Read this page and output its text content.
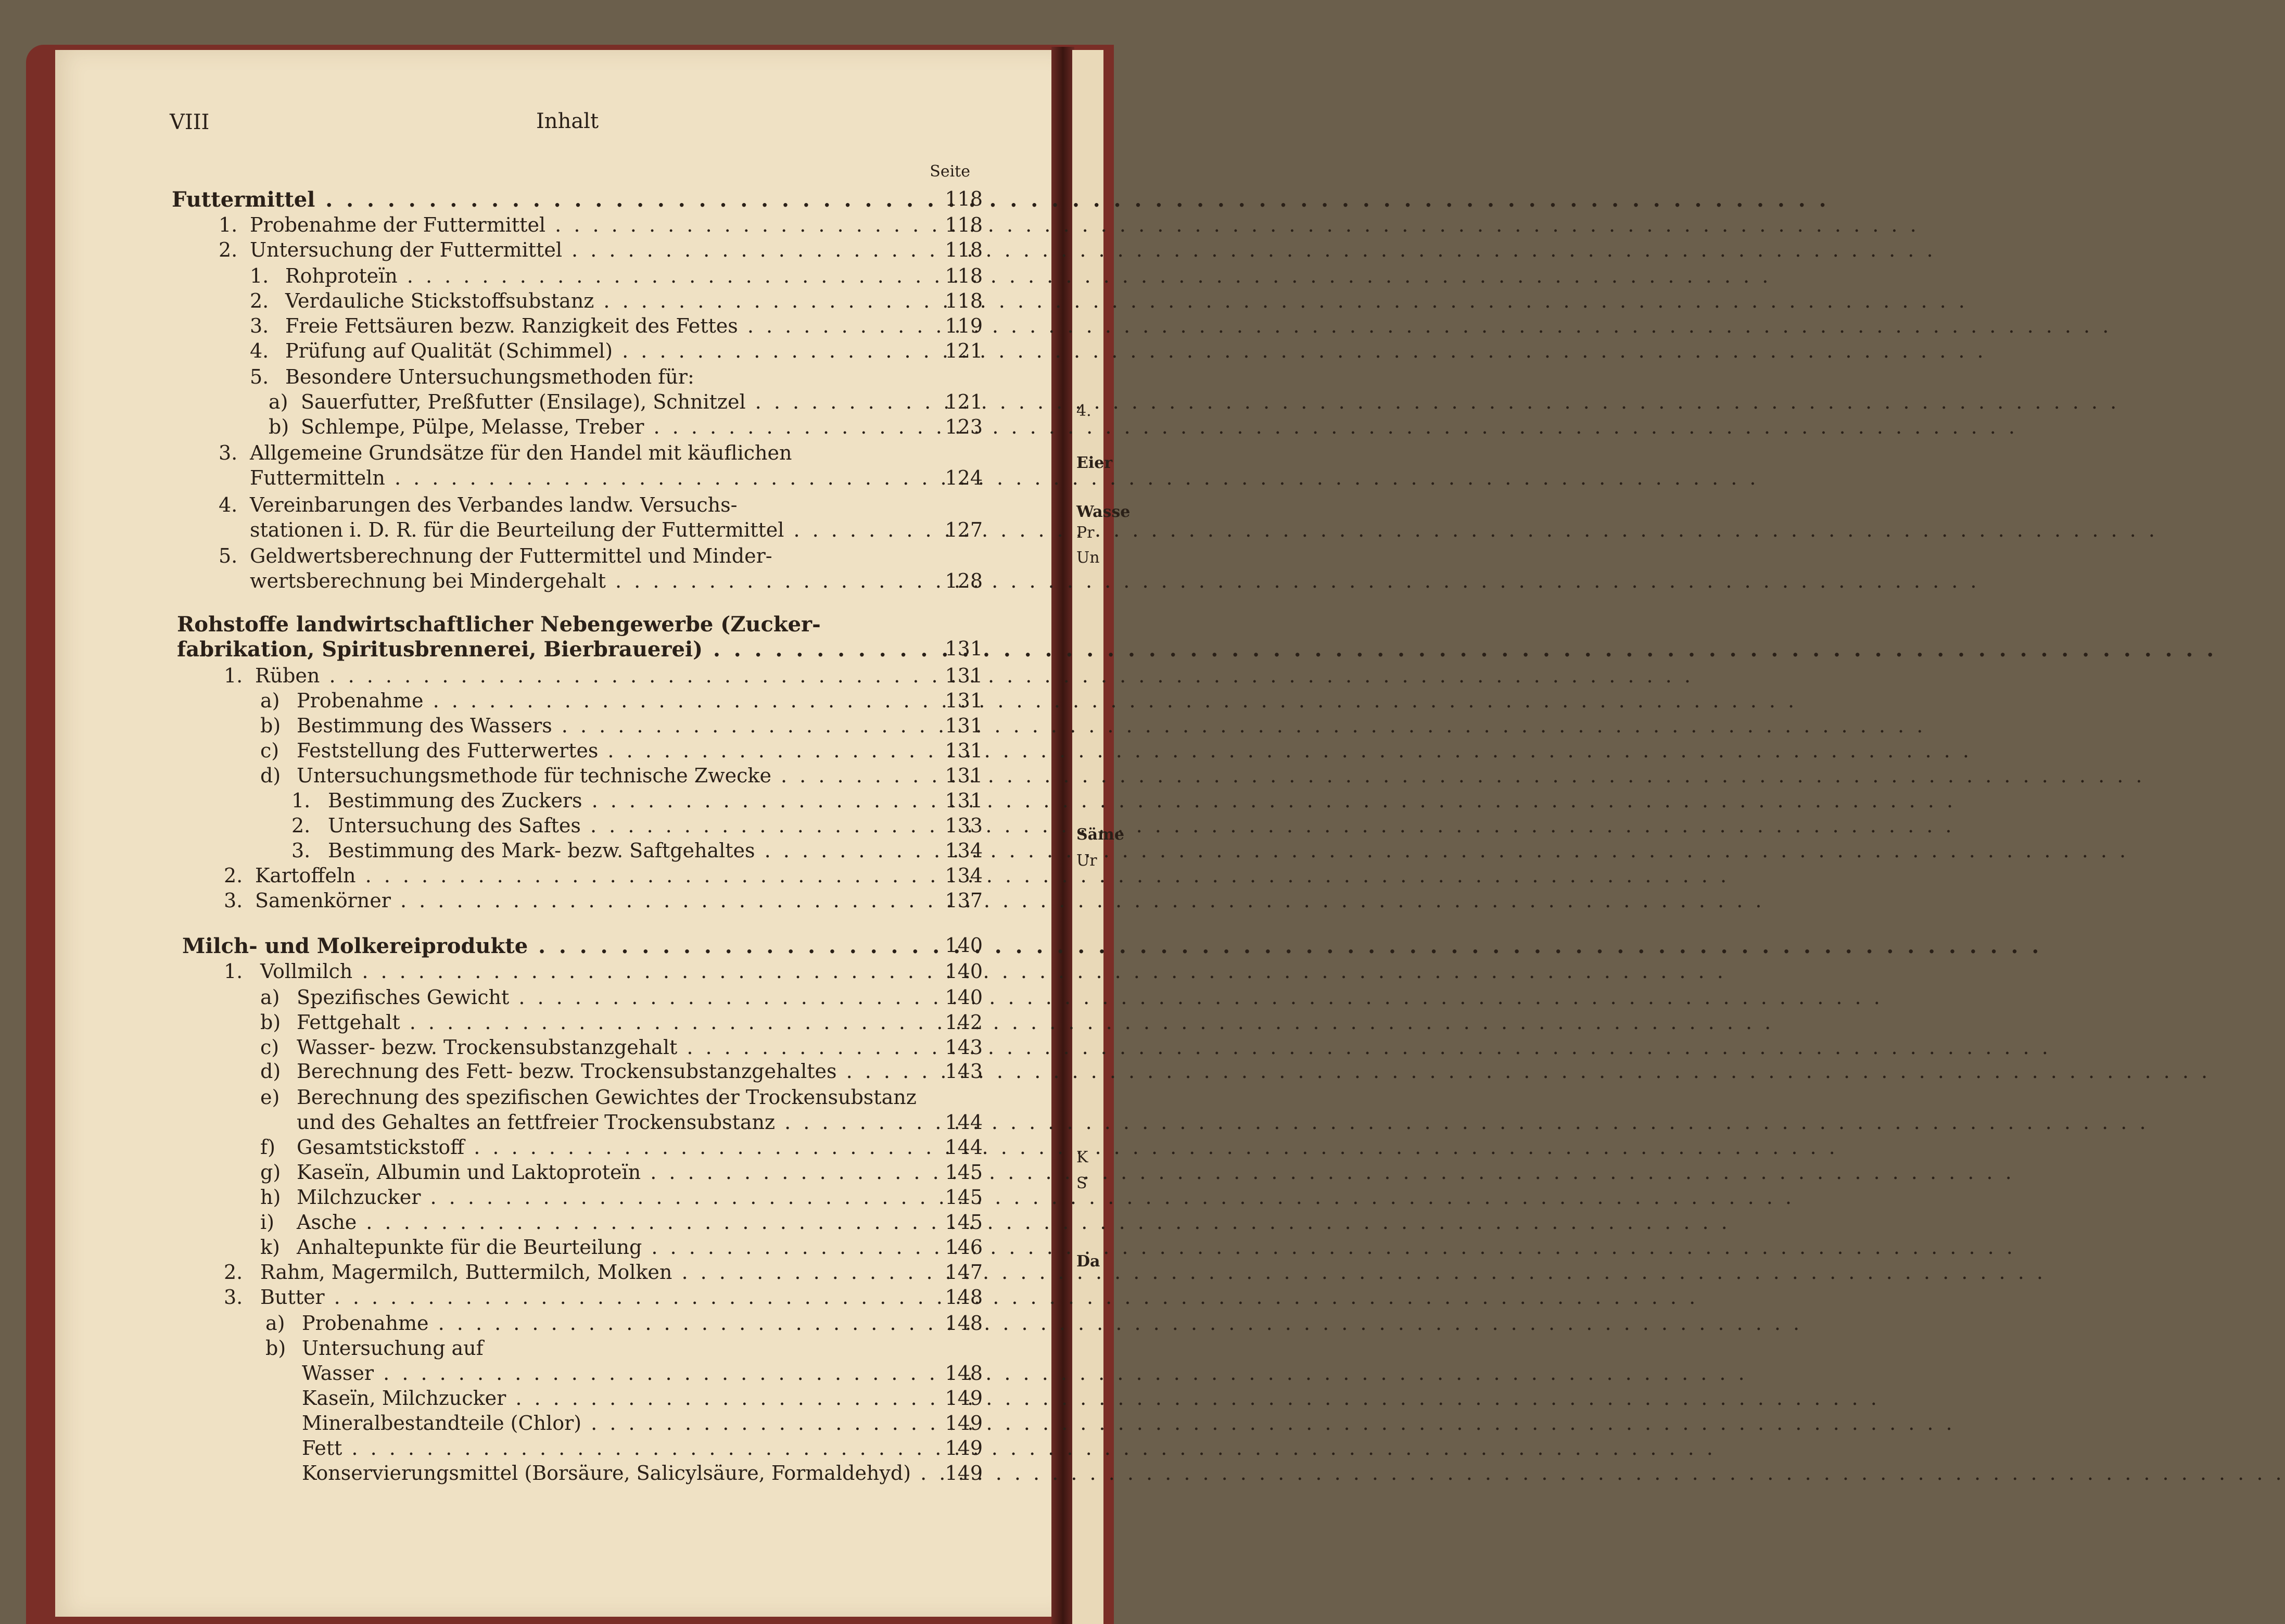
4.
Eier
Wasse
Pr
Un
Säme
Ur
K
S
Da
VIII	Inhalt
Seite
Futtermittel . . .	118
1. Probenahme der Futtermittel . . .	118
2. Untersuchung der Futtermittel . . .	118
1. Rohproteïn . . .	118
2. Verdauliche Stickstoffsubstanz . . .	118
3. Freie Fettsäuren bezw. Ranzigkeit des Fettes . . .	119
4. Prüfung auf Qualität (Schimmel) . . .	121
5. Besondere Untersuchungsmethoden für:
a) Sauerfutter, Preßfutter (Ensilage), Schnitzel . . .	121
b) Schlempe, Pülpe, Melasse, Treber . . .	123
3. Allgemeine Grundsätze für den Handel mit käuflichen
Futtermitteln . . .	124
4. Vereinbarungen des Verbandes landw. Versuchs-
stationen i. D. R. für die Beurteilung der Futtermittel . . .	127
5. Geldwertsberechnung der Futtermittel und Minder-
wertsberechnung bei Mindergehalt . . .	128
Rohstoffe landwirtschaftlicher Nebengewerbe (Zucker-
fabrikation, Spiritusbrennerei, Bierbrauerei) . . .	131
1. Rüben . . .	131
a) Probenahme . . .	131
b) Bestimmung des Wassers . . .	131
c) Feststellung des Futterwertes . . .	131
d) Untersuchungsmethode für technische Zwecke . . .	131
1. Bestimmung des Zuckers . . .	131
2. Untersuchung des Saftes . . .	133
3. Bestimmung des Mark- bezw. Saftgehaltes . . .	134
2. Kartoffeln . . .	134
3. Samenkörner . . .	137
Milch- und Molkereiprodukte . . .	140
1. Vollmilch . . .	140
a) Spezifisches Gewicht . . .	140
b) Fettgehalt . . .	142
c) Wasser- bezw. Trockensubstanzgehalt . . .	143
d) Berechnung des Fett- bezw. Trockensubstanzgehaltes . . .	143
e) Berechnung des spezifischen Gewichtes der Trockensubstanz
und des Gehaltes an fettfreier Trockensubstanz . . .	144
f) Gesamtstickstoff . . .	144
g) Kaseïn, Albumin und Laktoproteïn . . .	145
h) Milchzucker . . .	145
i) Asche . . .	145
k) Anhaltepunkte für die Beurteilung . . .	146
2. Rahm, Magermilch, Buttermilch, Molken . . .	147
3. Butter . . .	148
a) Probenahme . . .	148
b) Untersuchung auf
Wasser . . .	148
Kaseïn, Milchzucker . . .	149
Mineralbestandteile (Chlor) . . .	149
Fett . . .	149
Konservierungsmittel (Borsäure, Salicylsäure, Formaldehyd) . . .	149
